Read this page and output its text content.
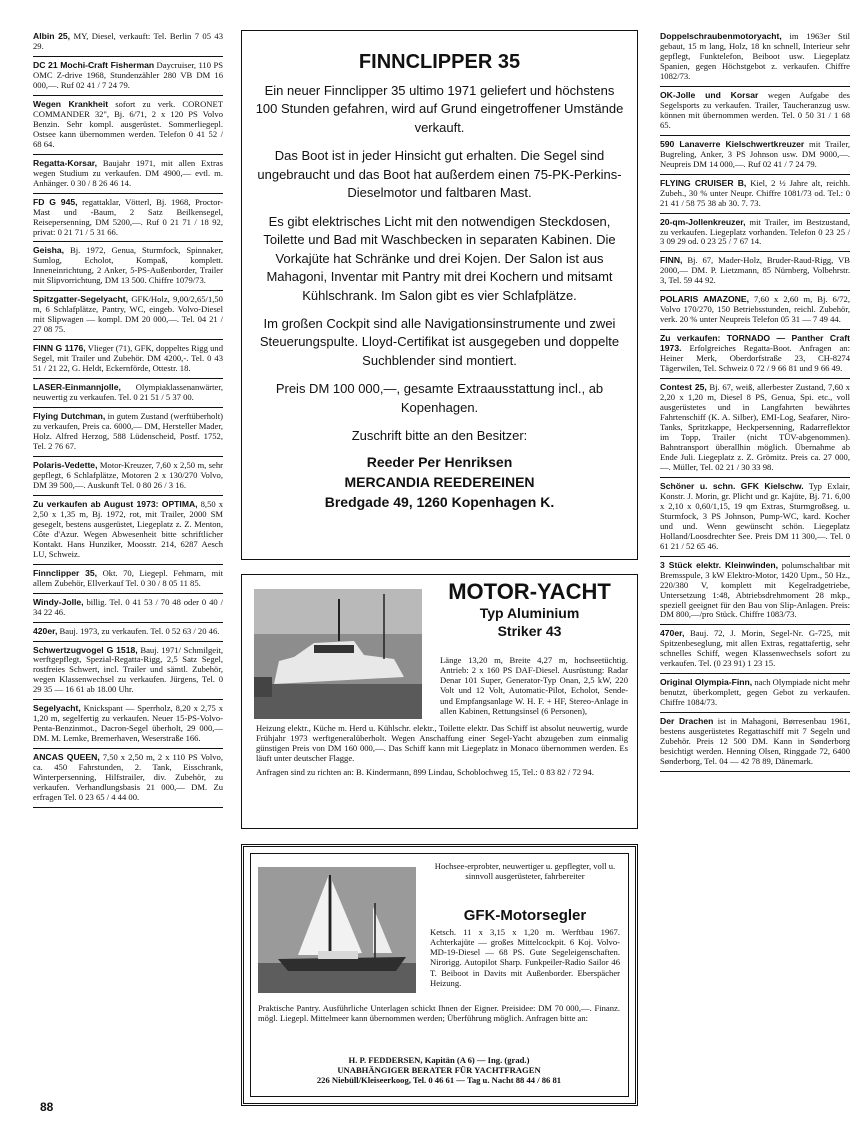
Albin 25, MY, Diesel, verkauft: Tel. Berlin 7 05 43 29.

DC 21 Mochi-Craft Fisherman Daycruiser, 110 PS OMC Z-drive 1968, Stundenzähler 280 VB DM 16 000,—. Ruf 02 41 / 7 24 79.

Wegen Krankheit sofort zu verk. CORONET COMMANDER 32", Bj. 6/71, 2 x 120 PS Volvo Benzin. Sehr kompl. ausgerüstet. Sommerliegepl. Ostsee kann übernommen werden. Telefon 0 41 52 / 68 64.

Regatta-Korsar, Baujahr 1971, mit allen Extras wegen Studium zu verkaufen. DM 4900,— evtl. m. Anhänger. 0 30 / 8 26 46 14.

FD G 945, regattaklar, Vötterl, Bj. 1968, Proctor-Mast und -Baum, 2 Satz Beilkensegel, Reisepersenning, DM 5200,—. Ruf 0 21 71 / 18 92, privat: 0 21 71 / 5 31 66.

Geisha, Bj. 1972, Genua, Sturmfock, Spinnaker, Sumlog, Echolot, Kompaß, komplett. Inneneinrichtung, 2 Anker, 5-PS-Außenborder, Trailer mit Slipvorrichtung, DM 13 500. Chiffre 1079/73.

Spitzgatter-Segelyacht, GFK/Holz, 9,00/2,65/1,50 m, 6 Schlafplätze, Pantry, WC, eingeb. Volvo-Diesel mit Slipwagen — kompl. DM 20 000,—. Tel. 04 21 / 27 08 75.

FINN G 1176, Vlieger (71), GFK, doppeltes Rigg und Segel, mit Trailer und Zubehör. DM 4200,-. Tel. 0 43 51 / 21 22, G. Heldt, Eckernförde, Ottestr. 18.

LASER-Einmannjolle, Olympiaklassenanwärter, neuwertig zu verkaufen. Tel. 0 21 51 / 5 37 00.

Flying Dutchman, in gutem Zustand (werftüberholt) zu verkaufen, Preis ca. 6000,— DM, Hersteller Mader, Holz. Alfred Herzog, 588 Lüdenscheid, Postf. 1752, Tel. 2 76 67.

Polaris-Vedette, Motor-Kreuzer, 7,60 x 2,50 m, sehr gepflegt, 6 Schlafplätze, Motoren 2 x 130/270 Volvo, DM 39 500,—. Auskunft Tel. 0 80 26 / 3 16.

Zu verkaufen ab August 1973: OPTIMA, 8,50 x 2,50 x 1,35 m, Bj. 1972, rot, mit Trailer, 2000 SM gesegelt, bestens ausgerüstet, Liegeplatz z. Z. Menton, Côte d'Azur. Wegen Abwesenheit bitte schriftlicher Kontakt. Hans Hunziker, Moosstr. 214, 6287 Aesch LU, Schweiz.

Finnclipper 35, Okt. 70, Liegepl. Fehmarn, mit allem Zubehör, Ellverkauf Tel. 0 30 / 8 05 11 85.

Windy-Jolle, billig. Tel. 0 41 53 / 70 48 oder 0 40 / 34 22 46.

420er, Bauj. 1973, zu verkaufen. Tel. 0 52 63 / 20 46.

Schwertzugvogel G 1518, Bauj. 1971/ Schmilgeit, werftgepflegt, Spezial-Regatta-Rigg, 2,5 Satz Segel, rostfreies Schwert, incl. Trailer und sämtl. Zubehör, wegen Klassenwechsel zu verkaufen. Jürgens, Tel. 0 29 35 — 16 61 ab 18.00 Uhr.

Segelyacht, Knickspant — Sperrholz, 8,20 x 2,75 x 1,20 m, segelfertig zu verkaufen. Neuer 15-PS-Volvo-Penta-Benzinmot., Dacron-Segel überholt, 29 000,— DM. M. Lemke, Bremerhaven, Weserstraße 166.

ANCAS QUEEN, 7,50 x 2,50 m, 2 x 110 PS Volvo, ca. 450 Fahrstunden, 2. Tank, Eisschrank, Winterpersenning, Hilfstrailer, div. Zubehör, zu verkaufen. Verhandlungsbasis 21 000,— DM. Zu erfragen Tel. 0 23 65 / 4 44 00.

FINNCLIPPER 35

Ein neuer Finnclipper 35 ultimo 1971 geliefert und höchstens 100 Stunden gefahren, wird auf Grund eingetroffener Umstände verkauft.

Das Boot ist in jeder Hinsicht gut erhalten. Die Segel sind ungebraucht und das Boot hat außerdem einen 75-PK-Perkins-Dieselmotor und faltbaren Mast.

Es gibt elektrisches Licht mit den notwendigen Steckdosen, Toilette und Bad mit Waschbecken in separaten Kabinen. Die Vorkajüte hat Schränke und drei Kojen. Der Salon ist aus Mahagoni, Inventar mit Pantry mit drei Kochern und mitsamt Kühlschrank. Im Salon gibt es vier Schlafplätze.

Im großen Cockpit sind alle Navigationsinstrumente und zwei Steuerungspulte. Lloyd-Certifikat ist ausgegeben und doppelte Suchblender sind montiert.

Preis DM 100 000,—, gesamte Extraausstattung incl., ab Kopenhagen.

Zuschrift bitte an den Besitzer:

Reeder Per Henriksen

MERCANDIA REEDEREINEN

Bredgade 49, 1260 Kopenhagen K.

MOTOR-YACHT
Typ Aluminium
Striker 43
Länge 13,20 m, Breite 4,27 m, hochseetüchtig. Antrieb: 2 x 160 PS DAF-Diesel. Ausrüstung: Radar Denar 101 Super, Generator-Typ Onan, 2,5 kW, 220 Volt und 12 Volt, Automatic-Pilot, Echolot, Sende- und Empfangsanlage W. H. F. + HF, Stereo-Anlage in allen Kabinen, Rettungsinsel (6 Personen),
Heizung elektr., Küche m. Herd u. Kühlschr. elektr., Toilette elektr. Das Schiff ist absolut neuwertig, wurde Frühjahr 1973 werftgeneralüberholt. Wegen Anschaffung einer Segel-Yacht abzugeben zum einmalig günstigen Preis von DM 160 000,—. Das Schiff kann mit Liegeplatz in Monaco übernommen werden. Es läuft unter deutscher Flagge.
Anfragen sind zu richten an: B. Kindermann, 899 Lindau, Schoblochweg 15, Tel.: 0 83 82 / 72 94.
Hochsee-erprobter, neuwertiger u. gepflegter, voll u. sinnvoll ausgerüsteter, fahrbereiter
GFK-Motorsegler
Ketsch. 11 x 3,15 x 1,20 m. Werftbau 1967. Achterkajüte — großes Mittelcockpit. 6 Koj. Volvo-MD-19-Diesel — 68 PS. Gute Segeleigenschaften. Nirorigg. Autopilot Sharp. Funkpeiler-Radio Sailor 46 T. Beiboot in Davits mit Außenborder. Eberspächer Heizung.
Praktische Pantry. Ausführliche Unterlagen schickt Ihnen der Eigner. Preisidee: DM 70 000,—. Finanz. mögl. Liegepl. Mittelmeer kann übernommen werden; Überführung möglich. Anfragen bitte an:
H. P. FEDDERSEN, Kapitän (A 6) — Ing. (grad.)
UNABHÄNGIGER BERATER FÜR YACHTFRAGEN
226 Niebüll/Kleiseerkoog, Tel. 0 46 61 — Tag u. Nacht 88 44 / 86 81

Doppelschraubenmotoryacht, im 1963er Stil gebaut, 15 m lang, Holz, 18 kn schnell, Interieur sehr gepflegt, Funktelefon, Beiboot usw. Liegeplatz Spanien, gegen Höchstgebot z. verkaufen. Chiffre 1082/73.

OK-Jolle und Korsar wegen Aufgabe des Segelsports zu verkaufen. Trailer, Taucheranzug usw. können mit übernommen werden. Tel. 0 50 31 / 1 68 65.

590 Lanaverre Kielschwertkreuzer mit Trailer, Bugreling, Anker, 3 PS Johnson usw. DM 9000,—. Neupreis DM 14 000,—. Ruf 02 41 / 7 24 79.

FLYING CRUISER B, Kiel, 2 ½ Jahre alt, reichh. Zubeh., 30 % unter Neupr. Chiffre 1081/73 od. Tel.: 0 21 41 / 58 75 38 ab 30. 7. 73.

20-qm-Jollenkreuzer, mit Trailer, im Bestzustand, zu verkaufen. Liegeplatz vorhanden. Telefon 0 23 25 / 3 09 29 od. 0 23 25 / 7 67 14.

FINN, Bj. 67, Mader-Holz, Bruder-Raud-Rigg, VB 2000,— DM. P. Lietzmann, 85 Nürnberg, Volbehrstr. 3, Tel. 59 44 92.

POLARIS AMAZONE, 7,60 x 2,60 m, Bj. 6/72, Volvo 170/270, 150 Betriebsstunden, reichl. Zubehör, verk. 20 % unter Neupreis Telefon 05 31 — 7 49 44.

Zu verkaufen: TORNADO — Panther Craft 1973. Erfolgreiches Regatta-Boot. Anfragen an: Heiner Merk, Oberdorfstraße 23, CH-8274 Tägerwilen, Tel. Schweiz 0 72 / 9 66 81 und 9 66 49.

Contest 25, Bj. 67, weiß, allerbester Zustand, 7,60 x 2,20 x 1,20 m, Diesel 8 PS, Genua, Spi. etc., voll ausgerüstetes und in Langfahrten bewährtes Fahrtenschiff (K. A. Silber), EMI-Log, Seafarer, Niro-Tanks, Spritzkappe, Heckpersenning, Radarreflektor im Topp, Trailer (nicht TÜV-abgenommen). Bahntransport überallhin möglich. Übernahme ab Ende Juli. Liegeplatz z. Z. Grömitz. Preis ca. 27 000,—. Müller, Tel. 02 21 / 30 33 98.

Schöner u. schn. GFK Kielschw. Typ Exlair, Konstr. J. Morin, gr. Plicht und gr. Kajüte, Bj. 71. 6,00 x 2,10 x 0,60/1,15, 19 qm Extras, Sturmgroßseg. u. Sturmfock, 3 PS Johnson, Pump-WC, kard. Kocher und und. Wenn gewünscht schön. Liegeplatz Holland/Loosdrechter See. Preis DM 11 300,—. Tel. 0 61 21 / 52 65 46.

3 Stück elektr. Kleinwinden, polumschaltbar mit Bremsspule, 3 kW Elektro-Motor, 1420 Upm., 50 Hz., 220/380 V, komplett mit Kegelradgetriebe, Untersetzung 1:48, Abtriebsdrehmoment 28 mkp., speziell geeignet für den Bau von Slip-Anlagen. Preis: DM 800,—/pro Stück. Chiffre 1083/73.

470er, Bauj. 72, J. Morin, Segel-Nr. G-725, mit Spitzenbeseglung, mit allen Extras, regattafertig, sehr schnelles Schiff, wegen Klassenwechsels sofort zu verkaufen. Tel. (0 23 91) 1 23 15.

Original Olympia-Finn, nach Olympiade nicht mehr benutzt, überkomplett, gegen Gebot zu verkaufen. Chiffre 1084/73.

Der Drachen ist in Mahagoni, Børresenbau 1961, bestens ausgerüstetes Regattaschiff mit 7 Segeln und Zubehör. Preis 12 500 DM. Kann in Sønderborg besichtigt werden. Henning Olsen, Ringgade 72, 6400 Sønderborg, Tel. 04 — 42 78 89, Dänemark.

88
